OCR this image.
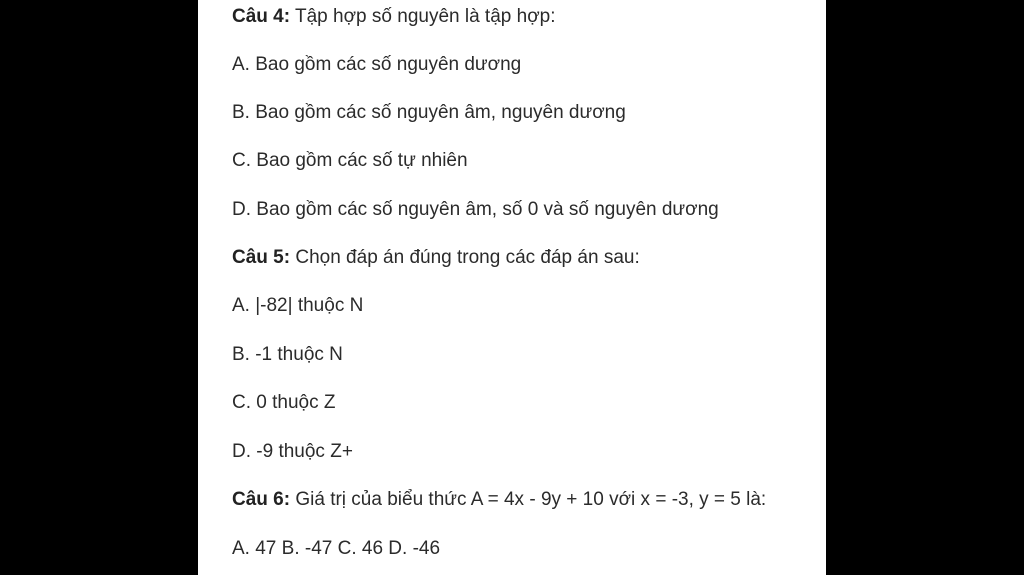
Câu 4: Tập hợp số nguyên là tập hợp:
A. Bao gồm các số nguyên dương
B. Bao gồm các số nguyên âm, nguyên dương
C. Bao gồm các số tự nhiên
D. Bao gồm các số nguyên âm, số 0 và số nguyên dương
Câu 5: Chọn đáp án đúng trong các đáp án sau:
A. |-82| thuộc N
B. -1 thuộc N
C. 0 thuộc Z
D. -9 thuộc Z+
Câu 6: Giá trị của biểu thức A = 4x - 9y + 10 với x = -3, y = 5 là:
A. 47 B. -47 C. 46 D. -46
